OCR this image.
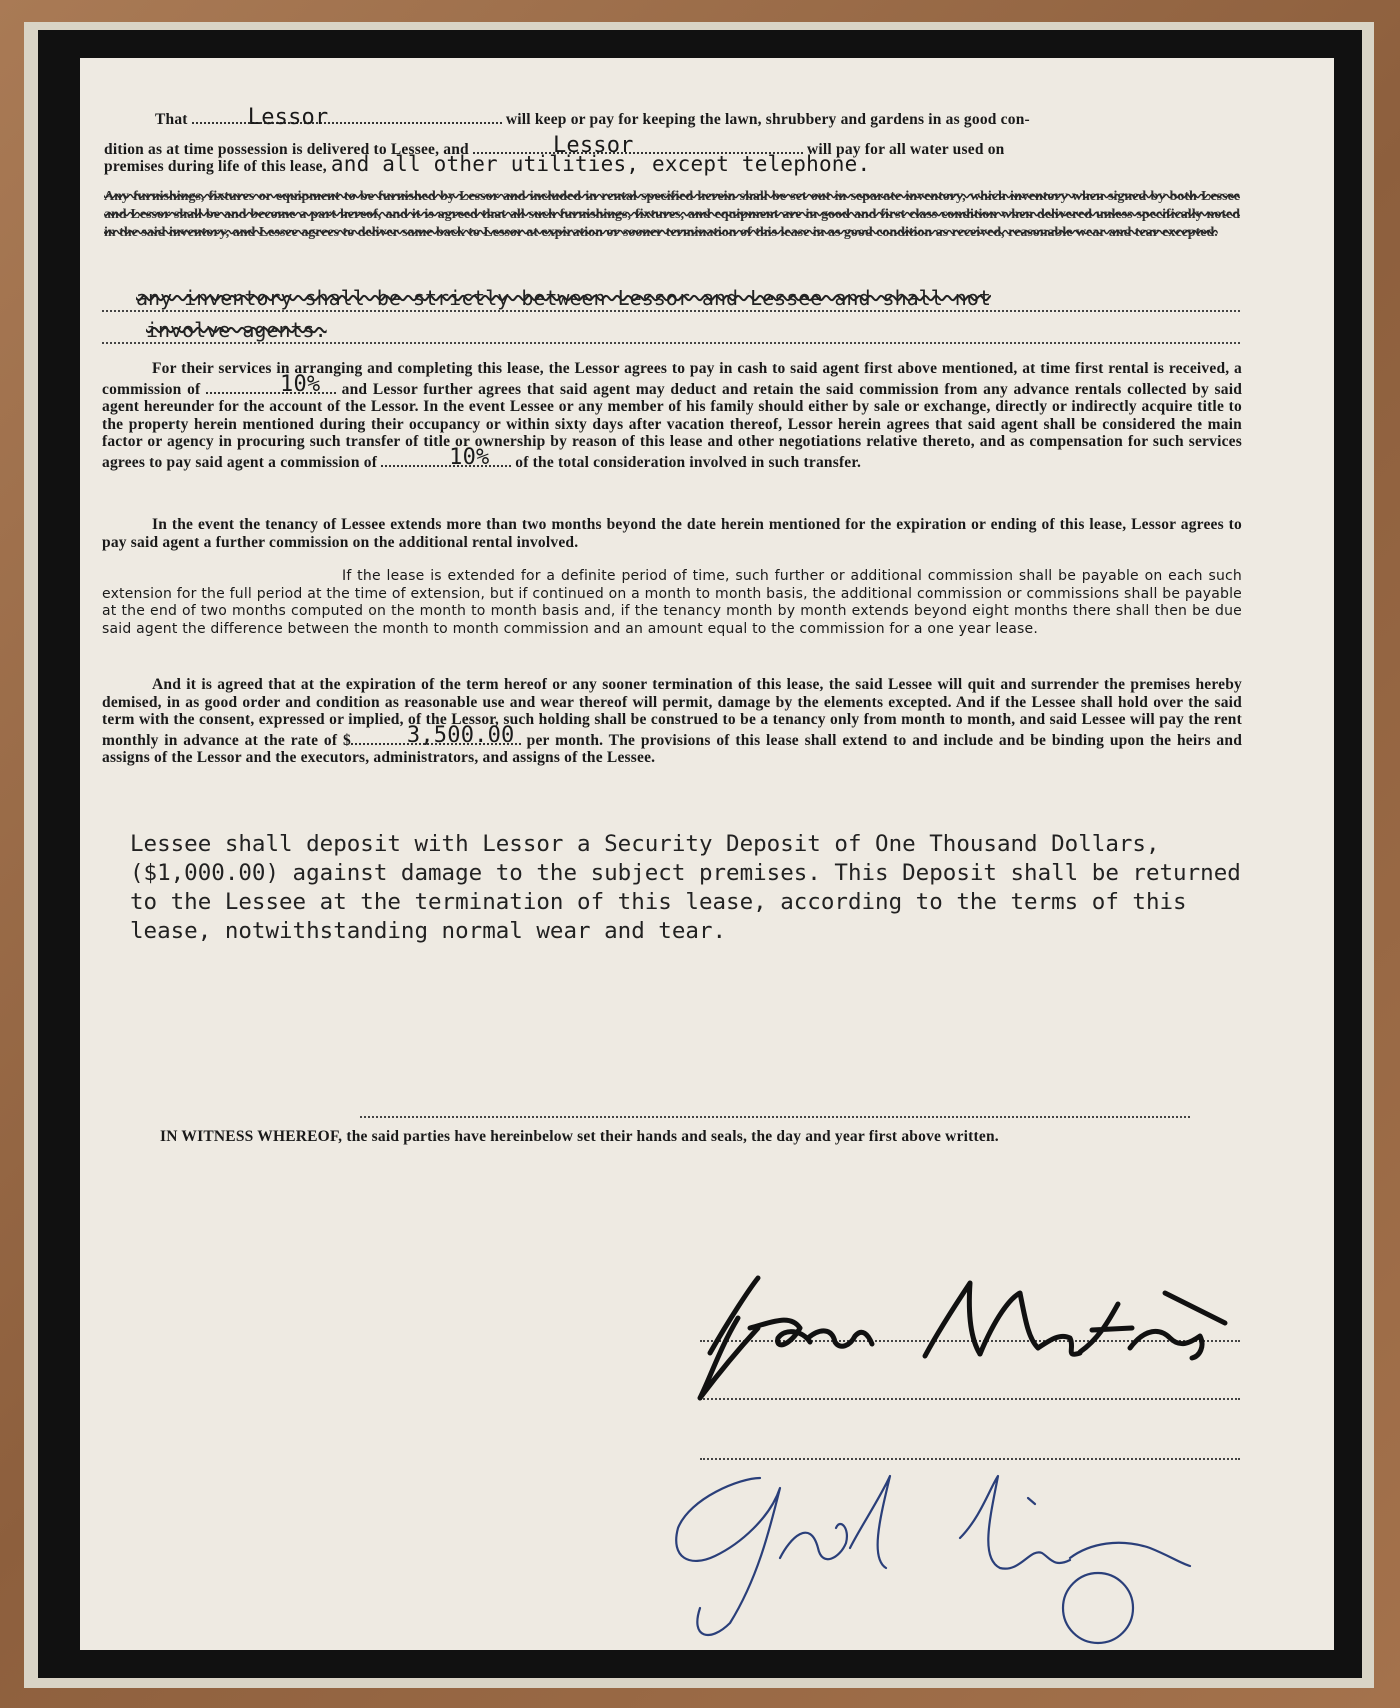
That	Lessor	will keep or pay for keeping the lawn, shrubbery and gardens in as good con-
dition as at time possession is delivered to Lessee, and	Lessor	will pay for all water used on
premises during life of this lease, and all other utilities, except telephone.
Any furnishings, fixtures or equipment to be furnished by Lessor and included in rental specified herein shall be set out in separate inventory, which inventory when signed by both Lessee and Lessor shall be and become a part hereof, and it is agreed that all such furnishings, fixtures, and equipment are in good and first class condition when delivered unless specifically noted in the said inventory, and Lessee agrees to deliver same back to Lessor at expiration or sooner termination of this lease in as good condition as received, reasonable wear and tear excepted.
any inventory shall be strictly between Lessor and Lessee and shall not
involve agents.
For their services in arranging and completing this lease, the Lessor agrees to pay in cash to said agent first above mentioned, at time first rental is received, a commission of	10% and Lessor further agrees that said agent may deduct and retain the said commission from any advance rentals collected by said agent hereunder for the account of the Lessor. In the event Lessee or any member of his family should either by sale or exchange, directly or indirectly acquire title to the property herein mentioned during their occupancy or within sixty days after vacation thereof, Lessor herein agrees that said agent shall be considered the main factor or agency in procuring such transfer of title or ownership by reason of this lease and other negotiations relative thereto, and as compensation for such services agrees to pay said agent a commission of	10% of the total consideration involved in such transfer.
In the event the tenancy of Lessee extends more than two months beyond the date herein mentioned for the expiration or ending of this lease, Lessor agrees to pay said agent a further commission on the additional rental involved.
If the lease is extended for a definite period of time, such further or additional commission shall be payable on each such extension for the full period at the time of extension, but if continued on a month to month basis, the additional commission or commissions shall be payable at the end of two months computed on the month to month basis and, if the tenancy month by month extends beyond eight months there shall then be due said agent the difference between the month to month commission and an amount equal to the commission for a one year lease.
And it is agreed that at the expiration of the term hereof or any sooner termination of this lease, the said Lessee will quit and surrender the premises hereby demised, in as good order and condition as reasonable use and wear thereof will permit, damage by the elements excepted. And if the Lessee shall hold over the said term with the consent, expressed or implied, of the Lessor, such holding shall be construed to be a tenancy only from month to month, and said Lessee will pay the rent monthly in advance at the rate of $	3,500.00 per month. The provisions of this lease shall extend to and include and be binding upon the heirs and assigns of the Lessor and the executors, administrators, and assigns of the Lessee.
Lessee shall deposit with Lessor a Security Deposit of One Thousand Dollars, ($1,000.00) against damage to the subject premises. This Deposit shall be returned to the Lessee at the termination of this lease, according to the terms of this lease, notwithstanding normal wear and tear.
IN WITNESS WHEREOF, the said parties have hereinbelow set their hands and seals, the day and year first above written.
